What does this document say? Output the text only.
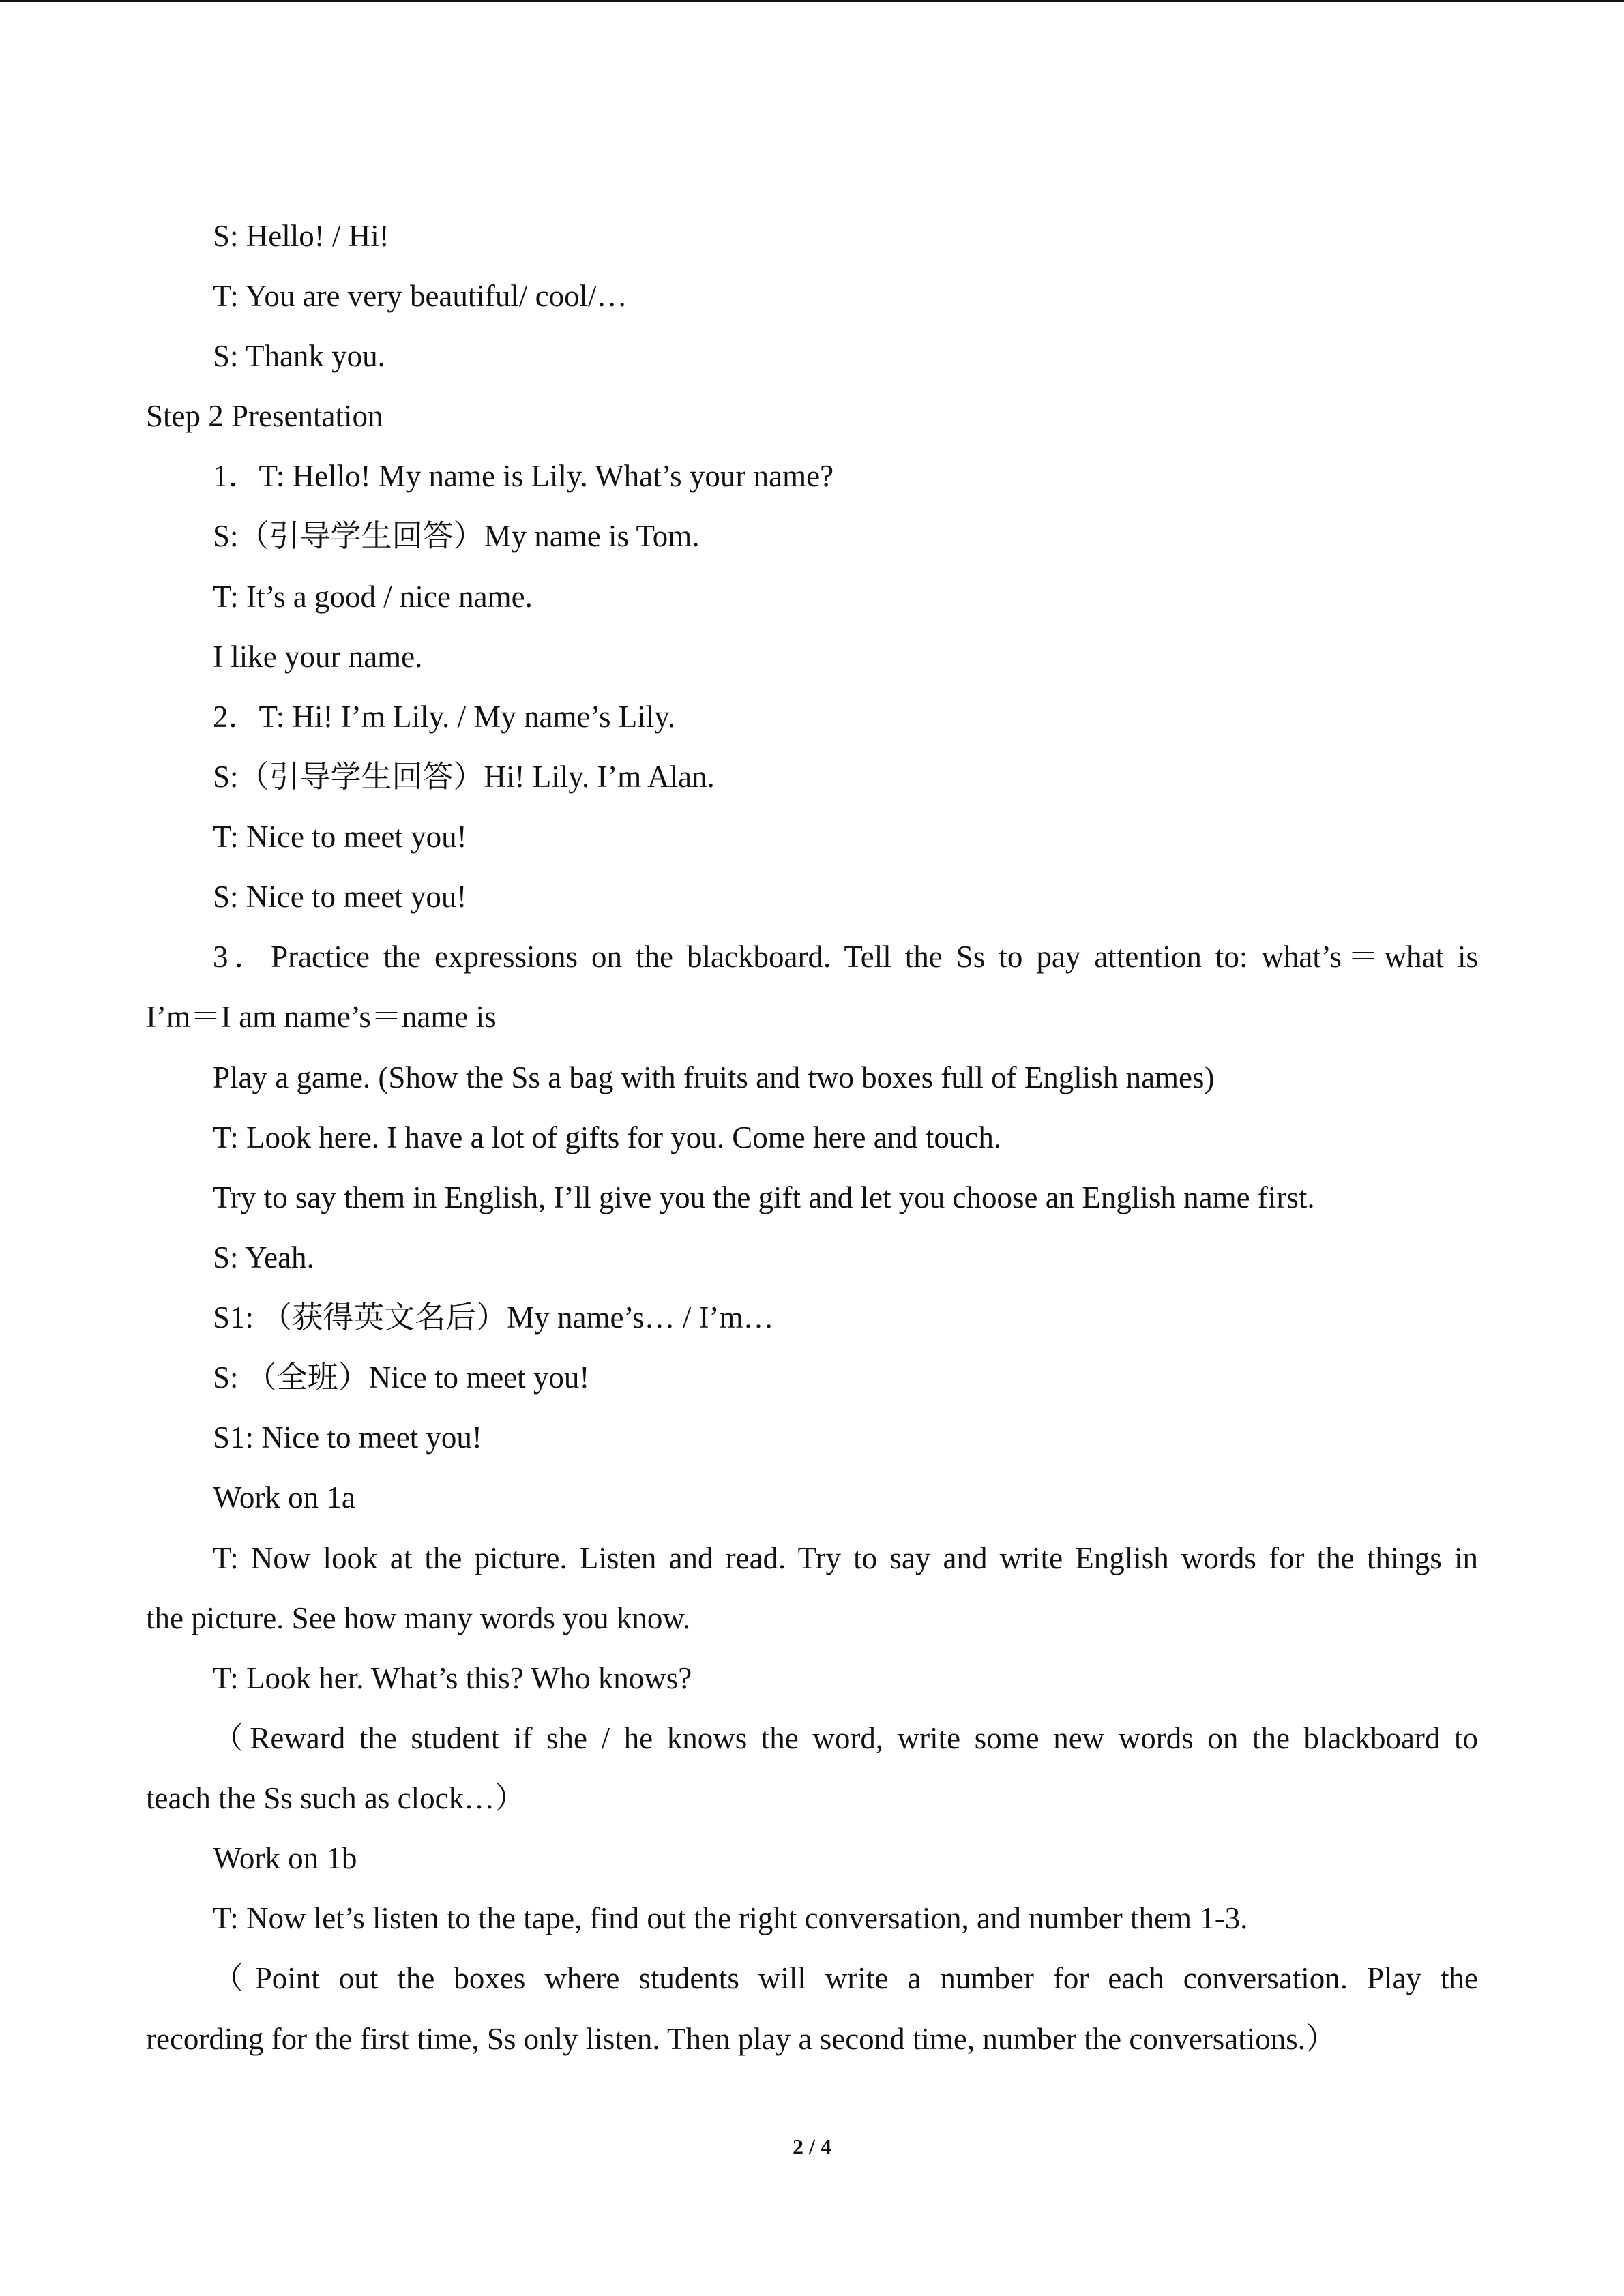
S: Hello! / Hi!

T: You are very beautiful/ cool/…

S: Thank you.

Step 2 Presentation

1．T: Hello! My name is Lily. What’s your name?

S:（引导学生回答）My name is Tom.

T: It’s a good / nice name.

I like your name.

2．T: Hi! I’m Lily. / My name’s Lily.

S:（引导学生回答）Hi! Lily. I’m Alan.

T: Nice to meet you!

S: Nice to meet you!

3．Practice the expressions on the blackboard. Tell the Ss to pay attention to: what’s＝what is

I’m＝I am name’s＝name is

Play a game. (Show the Ss a bag with fruits and two boxes full of English names)

T: Look here. I have a lot of gifts for you. Come here and touch.

Try to say them in English, I’ll give you the gift and let you choose an English name first.

S: Yeah.

S1: （获得英文名后）My name’s… / I’m…

S: （全班）Nice to meet you!

S1: Nice to meet you!

Work on 1a

T: Now look at the picture. Listen and read. Try to say and write English words for the things in

the picture. See how many words you know.

T: Look her. What’s this? Who knows?

（Reward the student if she / he knows the word, write some new words on the blackboard to

teach the Ss such as clock…）

Work on 1b

T: Now let’s listen to the tape, find out the right conversation, and number them 1-3.

（Point out the boxes where students will write a number for each conversation. Play the

recording for the first time, Ss only listen. Then play a second time, number the conversations.）

2 / 4
